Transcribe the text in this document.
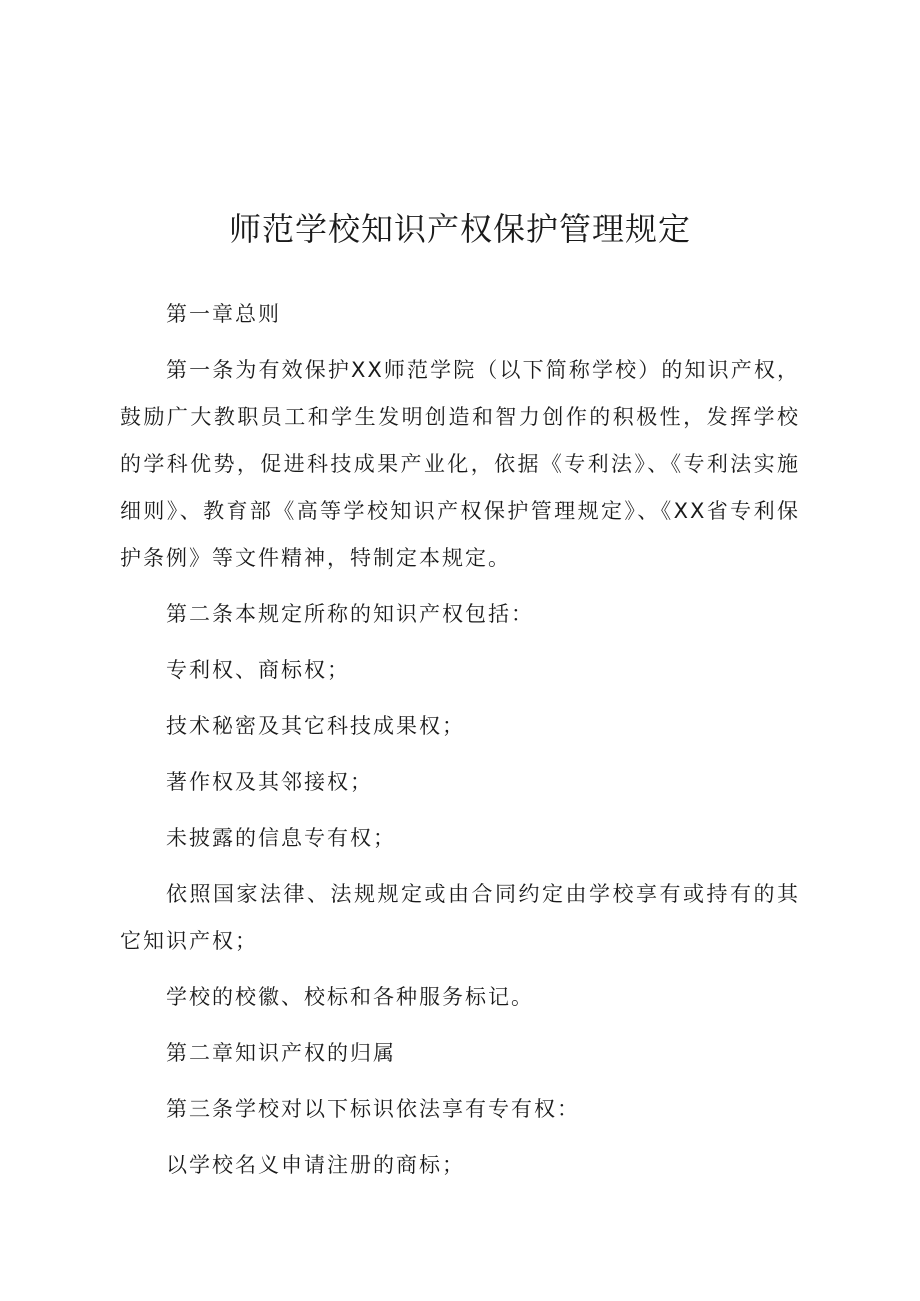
师范学校知识产权保护管理规定

第一章总则

第一条为有效保护XX师范学院（以下简称学校）的知识产权，鼓励广大教职员工和学生发明创造和智力创作的积极性，发挥学校的学科优势，促进科技成果产业化，依据《专利法》、《专利法实施细则》、教育部《高等学校知识产权保护管理规定》、《XX省专利保护条例》等文件精神，特制定本规定。

第二条本规定所称的知识产权包括：

专利权、商标权；

技术秘密及其它科技成果权；

著作权及其邻接权；

未披露的信息专有权；

依照国家法律、法规规定或由合同约定由学校享有或持有的其它知识产权；

学校的校徽、校标和各种服务标记。

第二章知识产权的归属

第三条学校对以下标识依法享有专有权：

以学校名义申请注册的商标；
